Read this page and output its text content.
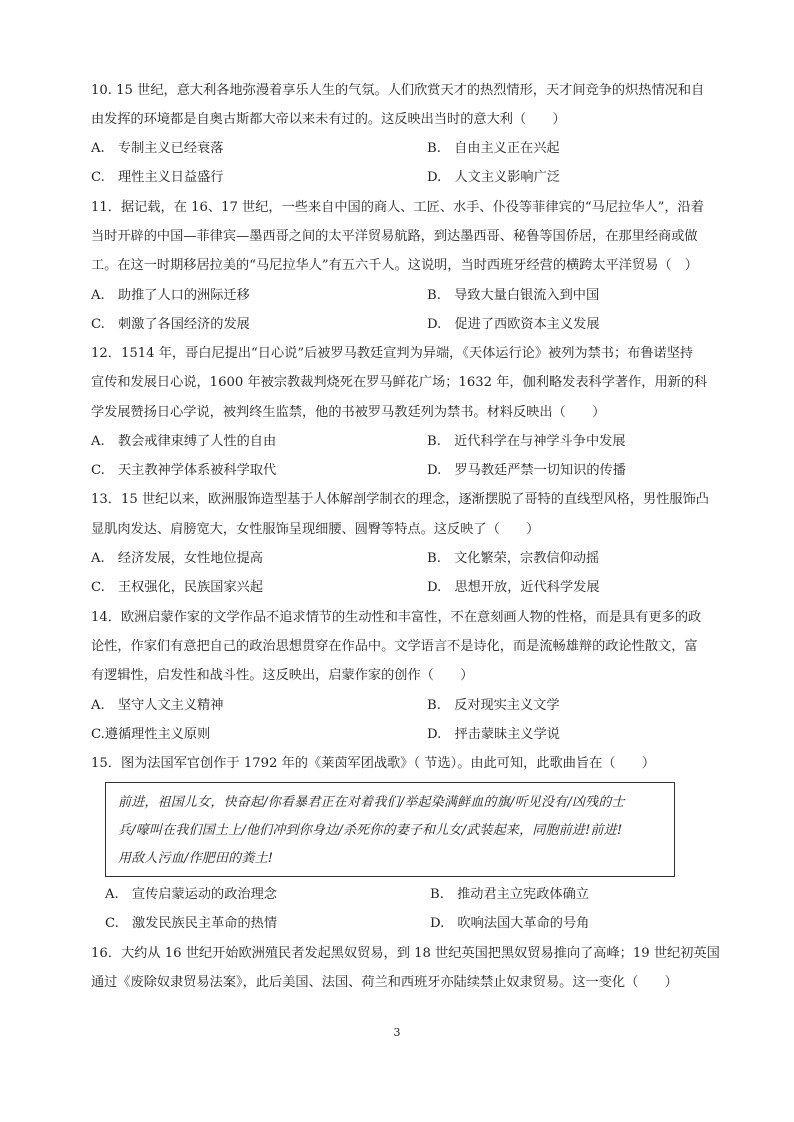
10. 15 世纪，意大利各地弥漫着享乐人生的气氛。人们欣赏天才的热烈情形，天才间竞争的炽热情况和自
由发挥的环境都是自奥古斯都大帝以来未有过的。这反映出当时的意大利（　　）
A.　专制主义已经衰落	B.　自由主义正在兴起
C.　理性主义日益盛行	D.　人文主义影响广泛
11．据记载，在 16、17 世纪，一些来自中国的商人、工匠、水手、仆役等菲律宾的“马尼拉华人”，沿着
当时开辟的中国—菲律宾—墨西哥之间的太平洋贸易航路，到达墨西哥、秘鲁等国侨居，在那里经商或做
工。在这一时期移居拉美的“马尼拉华人”有五六千人。这说明，当时西班牙经营的横跨太平洋贸易（　）
A.　助推了人口的洲际迁移	B.　导致大量白银流入到中国
C.　刺激了各国经济的发展	D.　促进了西欧资本主义发展
12．1514 年，哥白尼提出“日心说”后被罗马教廷宣判为异端，《天体运行论》被列为禁书；布鲁诺坚持
宣传和发展日心说，1600 年被宗教裁判烧死在罗马鲜花广场；1632 年，伽利略发表科学著作，用新的科
学发展赞扬日心学说，被判终生监禁，他的书被罗马教廷列为禁书。材料反映出（　　）
A.　教会戒律束缚了人性的自由	B.　近代科学在与神学斗争中发展
C.　天主教神学体系被科学取代	D.　罗马教廷严禁一切知识的传播
13．15 世纪以来，欧洲服饰造型基于人体解剖学制衣的理念，逐渐摆脱了哥特的直线型风格，男性服饰凸
显肌肉发达、肩膀宽大，女性服饰呈现细腰、圆臀等特点。这反映了（　　）
A.　经济发展，女性地位提高	B.　文化繁荣，宗教信仰动摇
C.　王权强化，民族国家兴起	D.　思想开放，近代科学发展
14．欧洲启蒙作家的文学作品不追求情节的生动性和丰富性，不在意刻画人物的性格，而是具有更多的政
论性，作家们有意把自己的政治思想贯穿在作品中。文学语言不是诗化，而是流畅雄辩的政论性散文，富
有逻辑性，启发性和战斗性。这反映出，启蒙作家的创作（　　）
A.　坚守人文主义精神	B.　反对现实主义文学
C.遵循理性主义原则	D.　抨击蒙昧主义学说
15．图为法国军官创作于 1792 年的《莱茵军团战歌》（ 节选）。由此可知，此歌曲旨在（　　）
前进，祖国儿女，快奋起/你看暴君正在对着我们/举起染满鲜血的旗/听见没有/凶残的士
兵/嚎叫在我们国土上/他们冲到你身边/杀死你的妻子和儿女/武装起来，同胞前进!前进!
用敌人污血/作肥田的粪土!
A.　宣传启蒙运动的政治理念	B.　推动君主立宪政体确立
C.　激发民族民主革命的热情	D.　吹响法国大革命的号角
16．大约从 16 世纪开始欧洲殖民者发起黑奴贸易，到 18 世纪英国把黑奴贸易推向了高峰；19 世纪初英国
通过《废除奴隶贸易法案》，此后美国、法国、荷兰和西班牙亦陆续禁止奴隶贸易。这一变化（　　）
3
